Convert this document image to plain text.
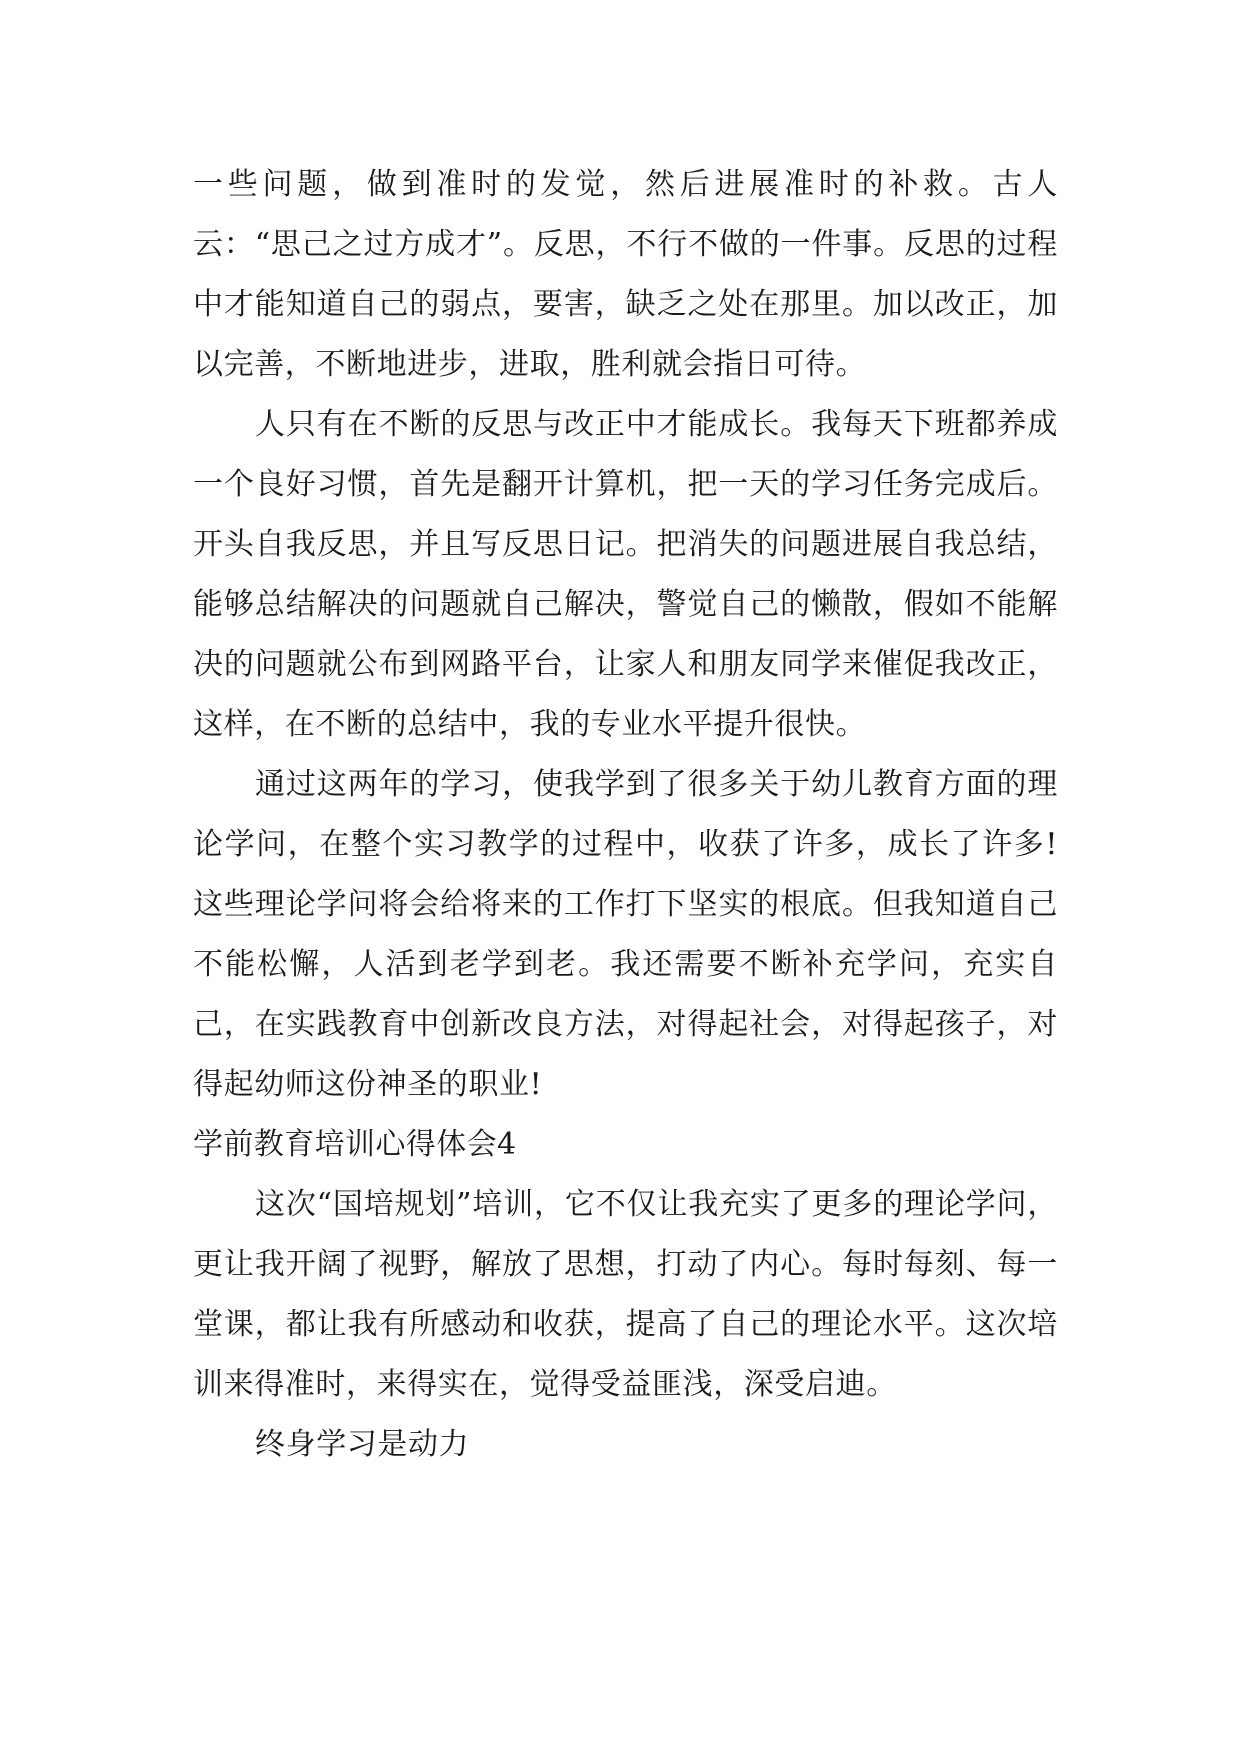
一些问题，做到准时的发觉，然后进展准时的补救。古人云：“思己之过方成才”。反思，不行不做的一件事。反思的过程中才能知道自己的弱点，要害，缺乏之处在那里。加以改正，加以完善，不断地进步，进取，胜利就会指日可待。

人只有在不断的反思与改正中才能成长。我每天下班都养成一个良好习惯，首先是翻开计算机，把一天的学习任务完成后。开头自我反思，并且写反思日记。把消失的问题进展自我总结，能够总结解决的问题就自己解决，警觉自己的懒散，假如不能解决的问题就公布到网路平台，让家人和朋友同学来催促我改正，这样，在不断的总结中，我的专业水平提升很快。

通过这两年的学习，使我学到了很多关于幼儿教育方面的理论学问，在整个实习教学的过程中，收获了许多，成长了许多!这些理论学问将会给将来的工作打下坚实的根底。但我知道自己不能松懈，人活到老学到老。我还需要不断补充学问，充实自己，在实践教育中创新改良方法，对得起社会，对得起孩子，对得起幼师这份神圣的职业!

学前教育培训心得体会4

这次“国培规划”培训，它不仅让我充实了更多的理论学问，更让我开阔了视野，解放了思想，打动了内心。每时每刻、每一堂课，都让我有所感动和收获，提高了自己的理论水平。这次培训来得准时，来得实在，觉得受益匪浅，深受启迪。

终身学习是动力
